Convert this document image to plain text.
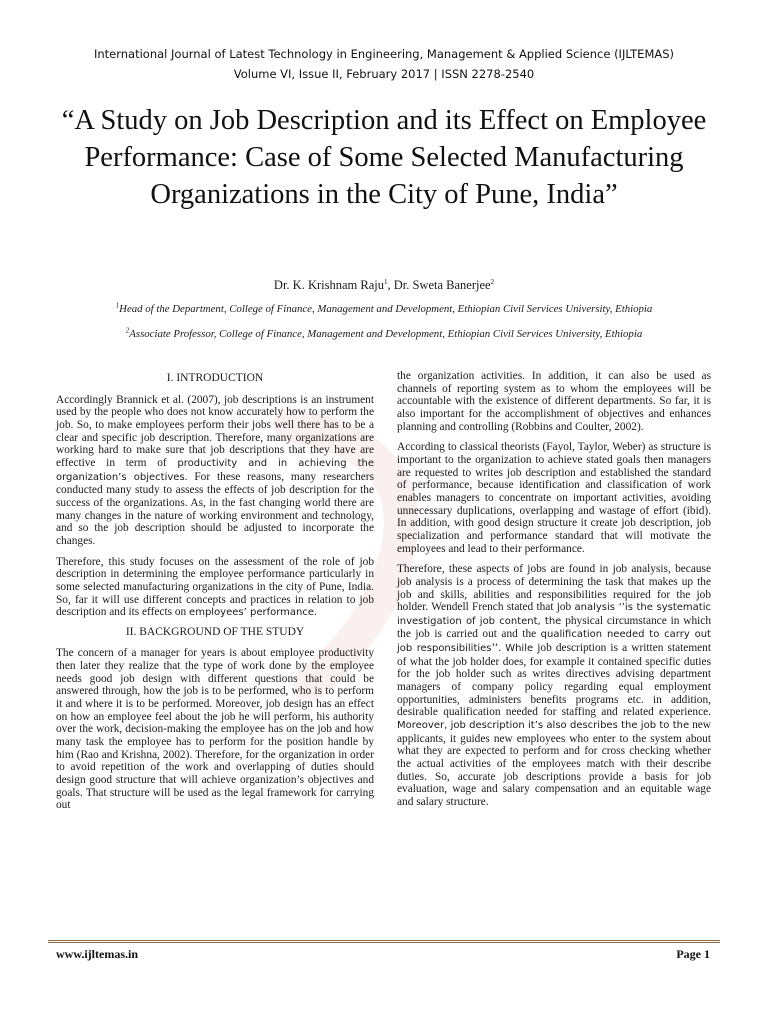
International Journal of Latest Technology in Engineering, Management & Applied Science (IJLTEMAS)
Volume VI, Issue II, February 2017 | ISSN 2278-2540
“A Study on Job Description and its Effect on Employee Performance: Case of Some Selected Manufacturing Organizations in the City of Pune, India”
Dr. K. Krishnam Raju$^1$, Dr. Sweta Banerjee$^2$
$^1$Head of the Department, College of Finance, Management and Development, Ethiopian Civil Services University, Ethiopia
$^2$Associate Professor, College of Finance, Management and Development, Ethiopian Civil Services University, Ethiopia
I. INTRODUCTION

Accordingly Brannick et al. (2007), job descriptions is an instrument used by the people who does not know accurately how to perform the job. So, to make employees perform their jobs well there has to be a clear and specific job description. Therefore, many organizations are working hard to make sure that job descriptions that they have are effective in term of productivity and in achieving the organization’s objectives. For these reasons, many researchers conducted many study to assess the effects of job description for the success of the organizations. As, in the fast changing world there are many changes in the nature of working environment and technology, and so the job description should be adjusted to incorporate the changes.

Therefore, this study focuses on the assessment of the role of job description in determining the employee performance particularly in some selected manufacturing organizations in the city of Pune, India. So, far it will use different concepts and practices in relation to job description and its effects on employees’ performance.

II. BACKGROUND OF THE STUDY

The concern of a manager for years is about employee productivity then later they realize that the type of work done by the employee needs good job design with different questions that could be answered through, how the job is to be performed, who is to perform it and where it is to be performed. Moreover, job design has an effect on how an employee feel about the job he will perform, his authority over the work, decision-making the employee has on the job and how many task the employee has to perform for the position handle by him (Rao and Krishna, 2002). Therefore, for the organization in order to avoid repetition of the work and overlapping of duties should design good structure that will achieve organization’s objectives and goals. That structure will be used as the legal framework for carrying out

the organization activities. In addition, it can also be used as channels of reporting system as to whom the employees will be accountable with the existence of different departments. So far, it is also important for the accomplishment of objectives and enhances planning and controlling (Robbins and Coulter, 2002).

According to classical theorists (Fayol, Taylor, Weber) as structure is important to the organization to achieve stated goals then managers are requested to writes job description and established the standard of performance, because identification and classification of work enables managers to concentrate on important activities, avoiding unnecessary duplications, overlapping and wastage of effort (ibid). In addition, with good design structure it create job description, job specialization and performance standard that will motivate the employees and lead to their performance.

Therefore, these aspects of jobs are found in job analysis, because job analysis is a process of determining the task that makes up the job and skills, abilities and responsibilities required for the job holder. Wendell French stated that job analysis ‘’is the systematic investigation of job content, the physical circumstance in which the job is carried out and the qualification needed to carry out job responsibilities’’. While job description is a written statement of what the job holder does, for example it contained specific duties for the job holder such as writes directives advising department managers of company policy regarding equal employment opportunities, administers benefits programs etc. in addition, desirable qualification needed for staffing and related experience. Moreover, job description it’s also describes the job to the new applicants, it guides new employees who enter to the system about what they are expected to perform and for cross checking whether the actual activities of the employees match with their describe duties. So, accurate job descriptions provide a basis for job evaluation, wage and salary compensation and an equitable wage and salary structure.

www.ijltemas.in	Page 1
